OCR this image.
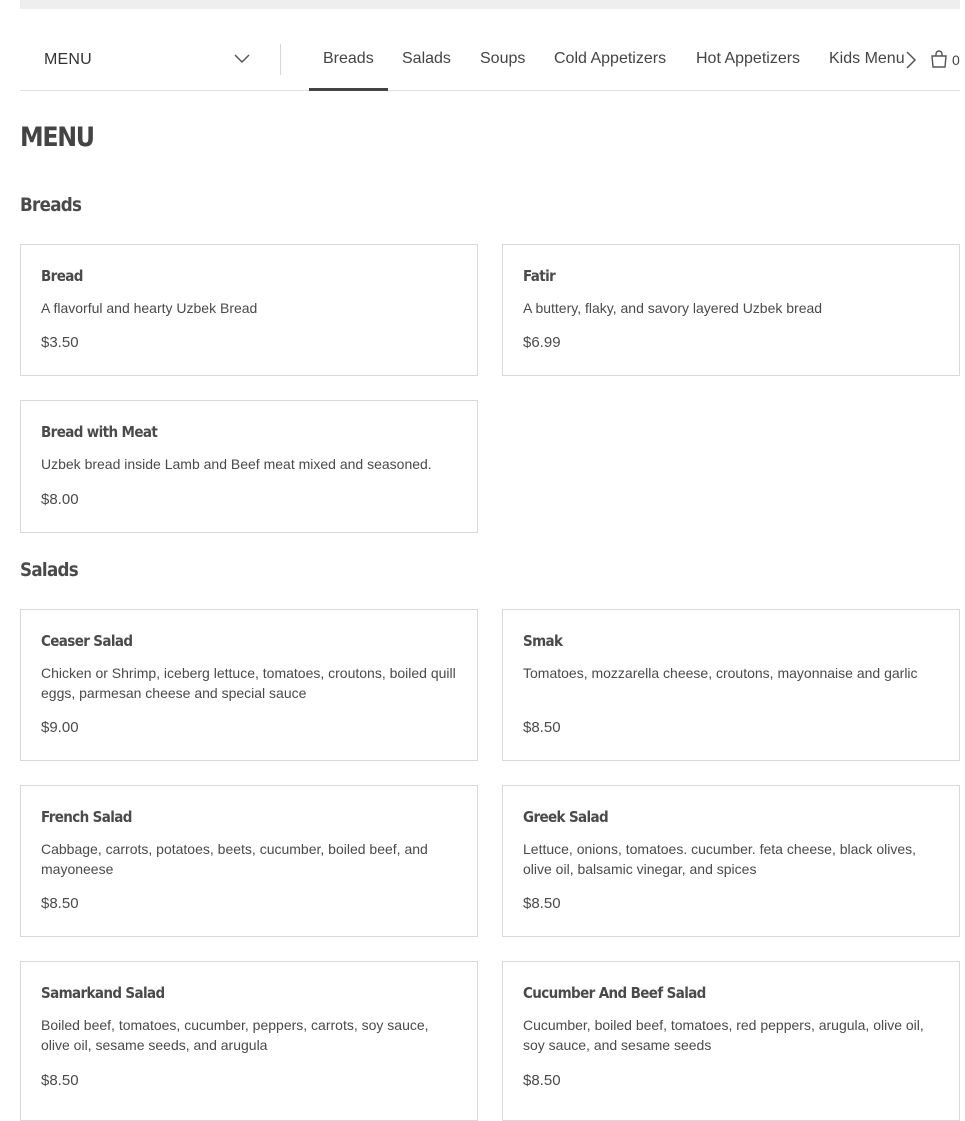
MENU	Breads Salads Soups Cold Appetizers Hot Appetizers Kids Menu	0
MENU
Breads
Bread
A flavorful and hearty Uzbek Bread
$3.50
Fatir
A buttery, flaky, and savory layered Uzbek bread
$6.99
Bread with Meat
Uzbek bread inside Lamb and Beef meat mixed and seasoned.
$8.00
Salads
Ceaser Salad
Chicken or Shrimp, iceberg lettuce, tomatoes, croutons, boiled quill eggs, parmesan cheese and special sauce
$9.00
Smak
Tomatoes, mozzarella cheese, croutons, mayonnaise and garlic
$8.50
French Salad
Cabbage, carrots, potatoes, beets, cucumber, boiled beef, and mayoneese
$8.50
Greek Salad
Lettuce, onions, tomatoes. cucumber. feta cheese, black olives, olive oil, balsamic vinegar, and spices
$8.50
Samarkand Salad
Boiled beef, tomatoes, cucumber, peppers, carrots, soy sauce, olive oil, sesame seeds, and arugula
$8.50
Cucumber And Beef Salad
Cucumber, boiled beef, tomatoes, red peppers, arugula, olive oil, soy sauce, and sesame seeds
$8.50
